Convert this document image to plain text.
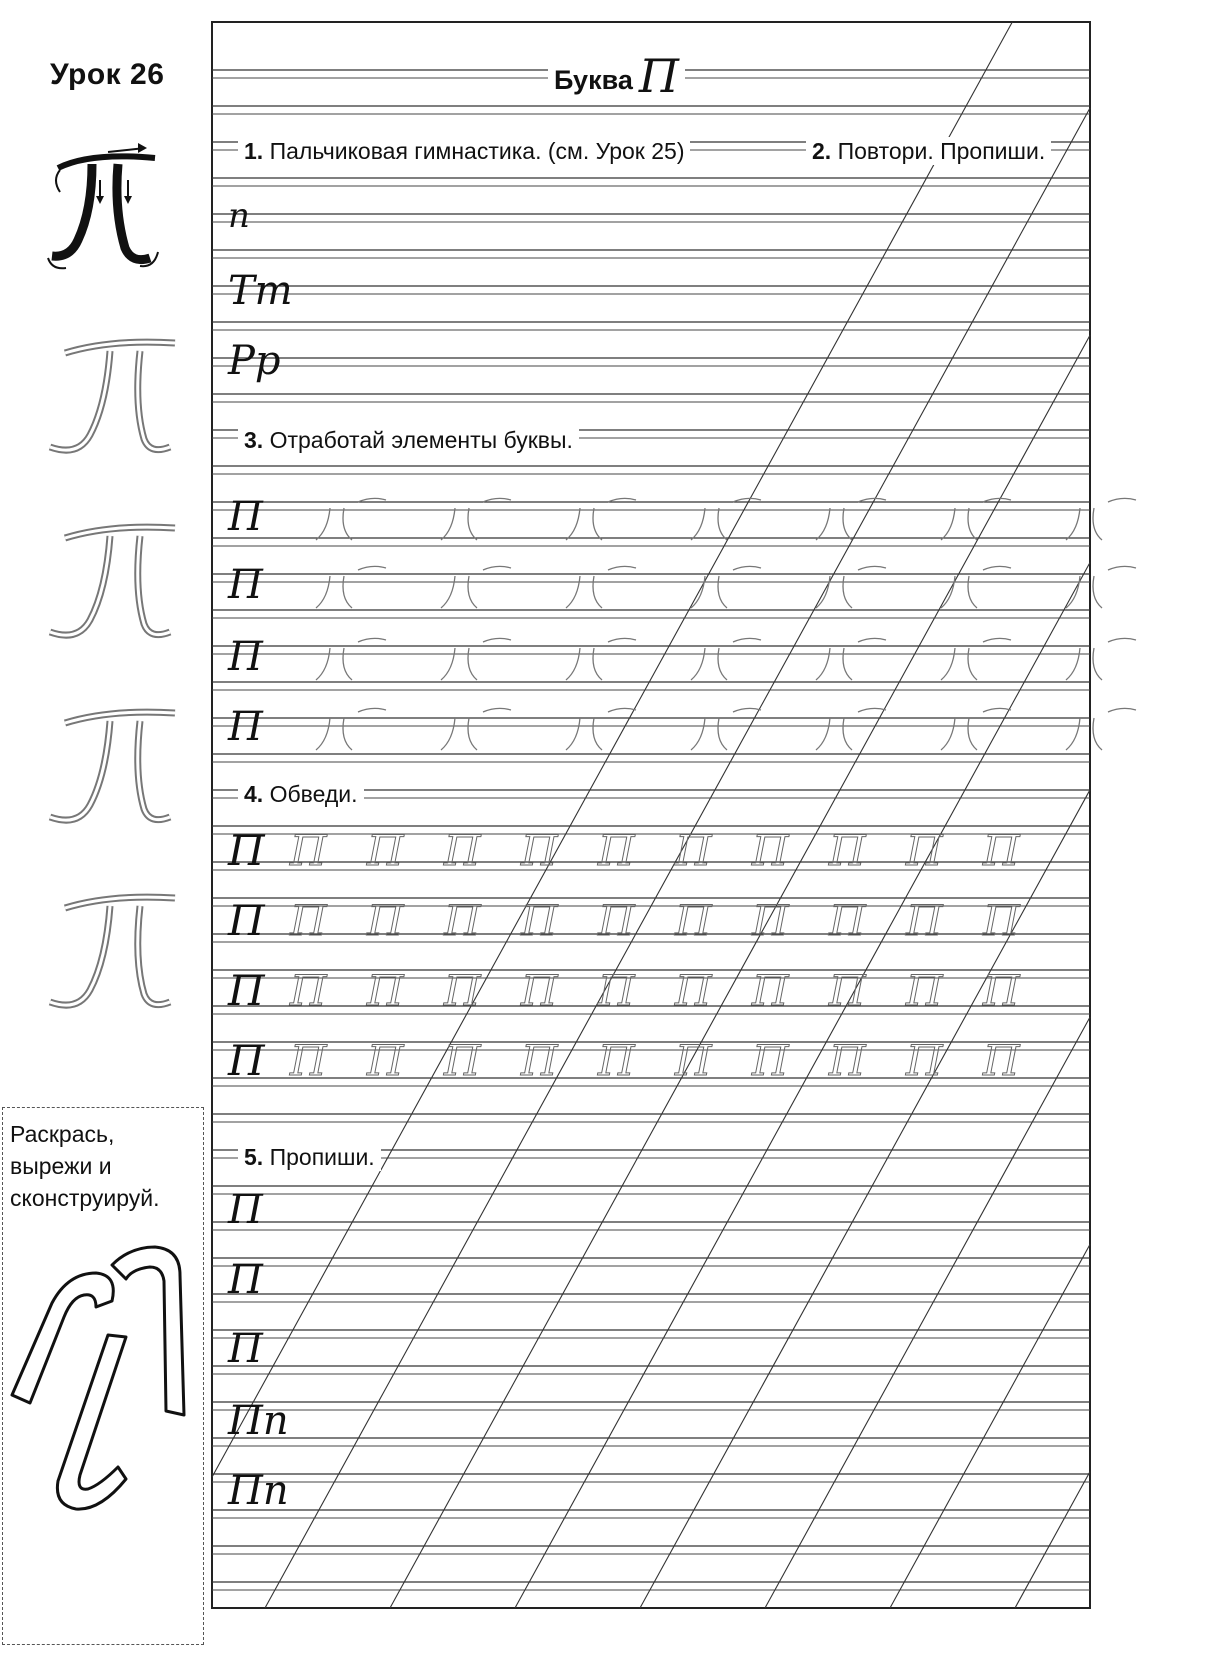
Урок 26	Буква П
1. Пальчиковая гимнастика. (см. Урок 25)	2. Повтори. Пропиши.
3. Отработай элементы буквы.
4. Обведи.
5. Пропиши.
п
Тт
Рр
П
П
П
Пп
Пп
П П П П П П П П П П П
П П П П П П П П П П П
П П П П П П П П П П П
П П П П П П П П П П П
П
П
П
П
Раскрась,
вырежи и
сконструируй.
